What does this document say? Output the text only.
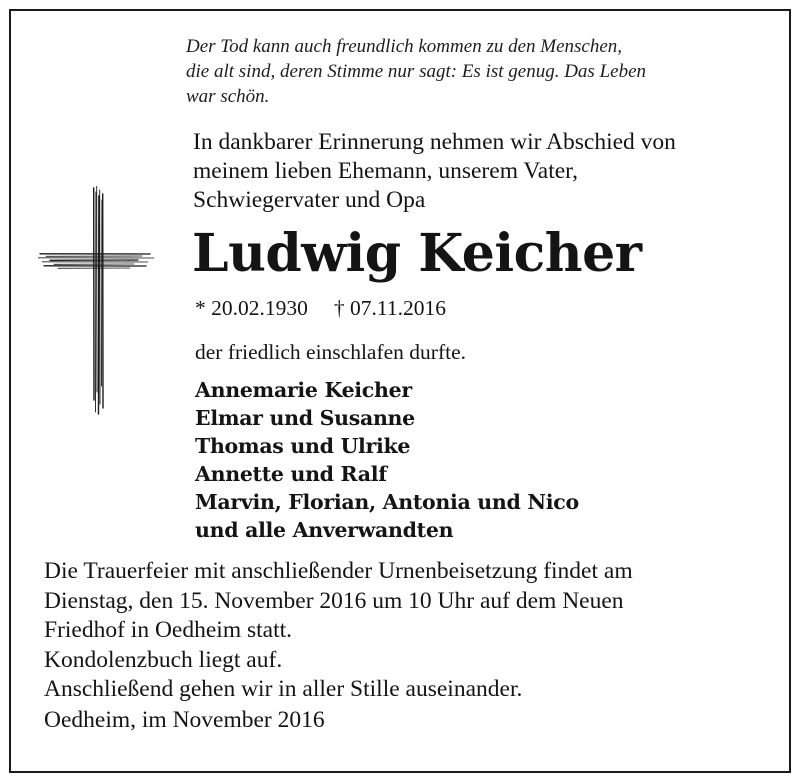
Der Tod kann auch freundlich kommen zu den Menschen,
die alt sind, deren Stimme nur sagt: Es ist genug. Das Leben
war schön.
In dankbarer Erinnerung nehmen wir Abschied von
meinem lieben Ehemann, unserem Vater,
Schwiegervater und Opa
Ludwig Keicher
* 20.02.1930 † 07.11.2016
der friedlich einschlafen durfte.
Annemarie Keicher
Elmar und Susanne
Thomas und Ulrike
Annette und Ralf
Marvin, Florian, Antonia und Nico
und alle Anverwandten
Die Trauerfeier mit anschließender Urnenbeisetzung findet am
Dienstag, den 15. November 2016 um 10 Uhr auf dem Neuen
Friedhof in Oedheim statt.
Kondolenzbuch liegt auf.
Anschließend gehen wir in aller Stille auseinander.
Oedheim, im November 2016
